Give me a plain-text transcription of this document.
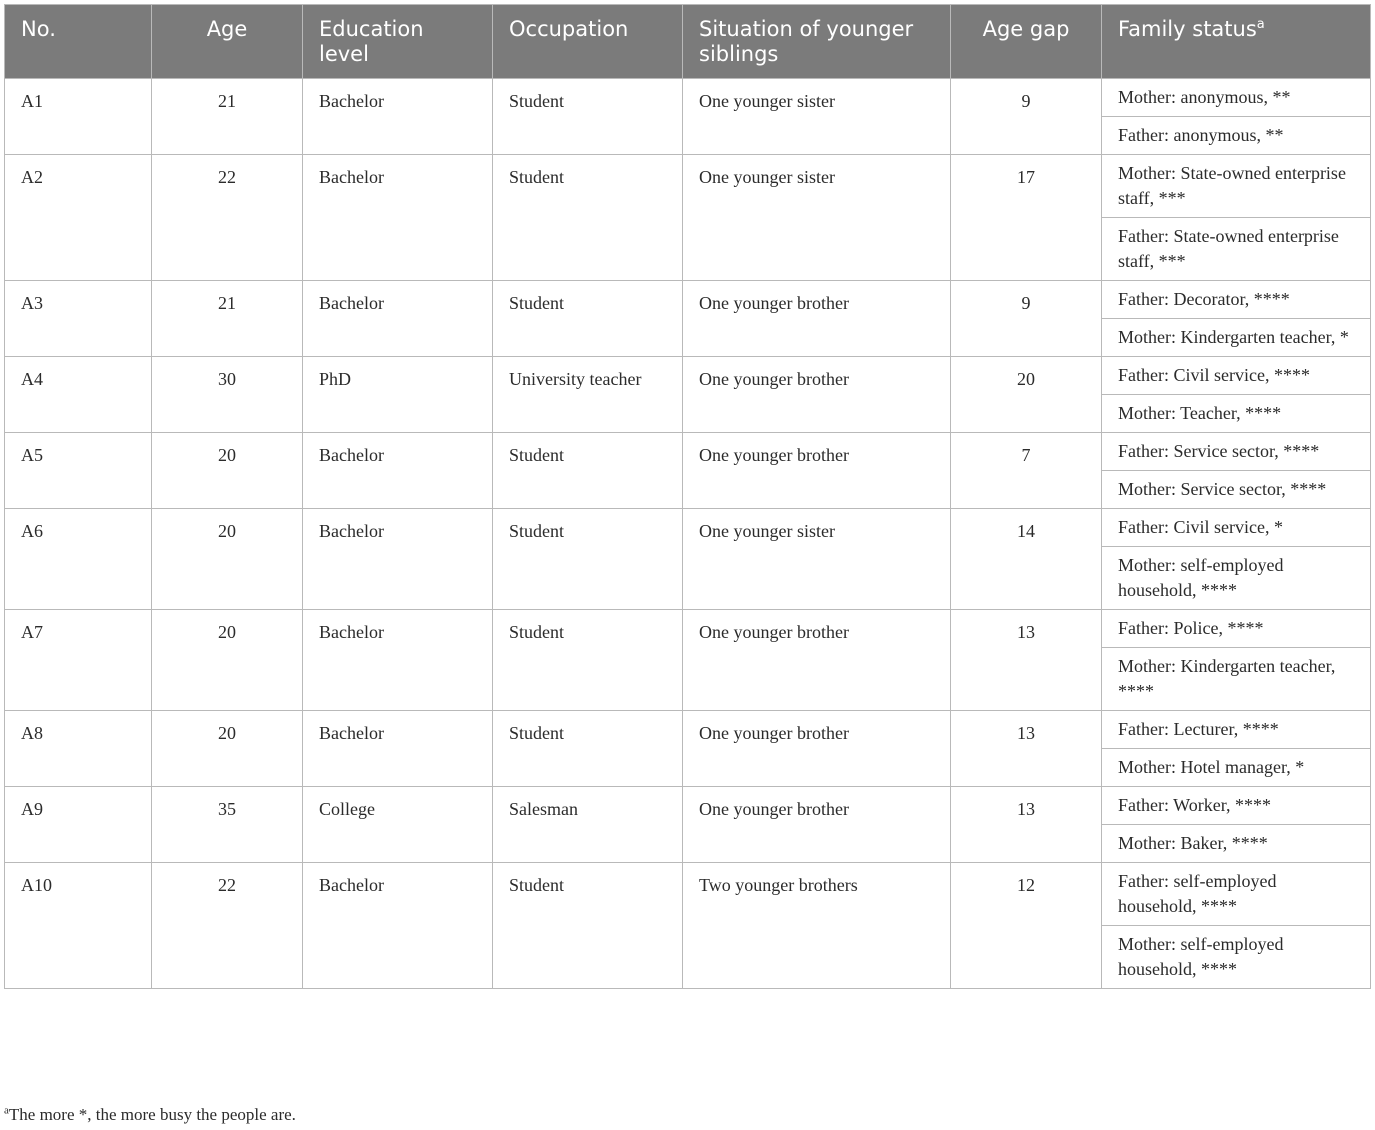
No.	Age	Education level	Occupation	Situation of younger siblings	Age gap	Family status$^a$
A1	21	Bachelor	Student	One younger sister	9	Mother: anonymous, **
						Father: anonymous, **
A2	22	Bachelor	Student	One younger sister	17	Mother: State-owned enterprise staff, ***
						Father: State-owned enterprise staff, ***
A3	21	Bachelor	Student	One younger brother	9	Father: Decorator, ****
						Mother: Kindergarten teacher, *
A4	30	PhD	University teacher	One younger brother	20	Father: Civil service, ****
						Mother: Teacher, ****
A5	20	Bachelor	Student	One younger brother	7	Father: Service sector, ****
						Mother: Service sector, ****
A6	20	Bachelor	Student	One younger sister	14	Father: Civil service, *
						Mother: self-employed household, ****
A7	20	Bachelor	Student	One younger brother	13	Father: Police, ****
						Mother: Kindergarten teacher, ****
A8	20	Bachelor	Student	One younger brother	13	Father: Lecturer, ****
						Mother: Hotel manager, *
A9	35	College	Salesman	One younger brother	13	Father: Worker, ****
						Mother: Baker, ****
A10	22	Bachelor	Student	Two younger brothers	12	Father: self-employed household, ****
						Mother: self-employed household, ****
$^a$The more *, the more busy the people are.
